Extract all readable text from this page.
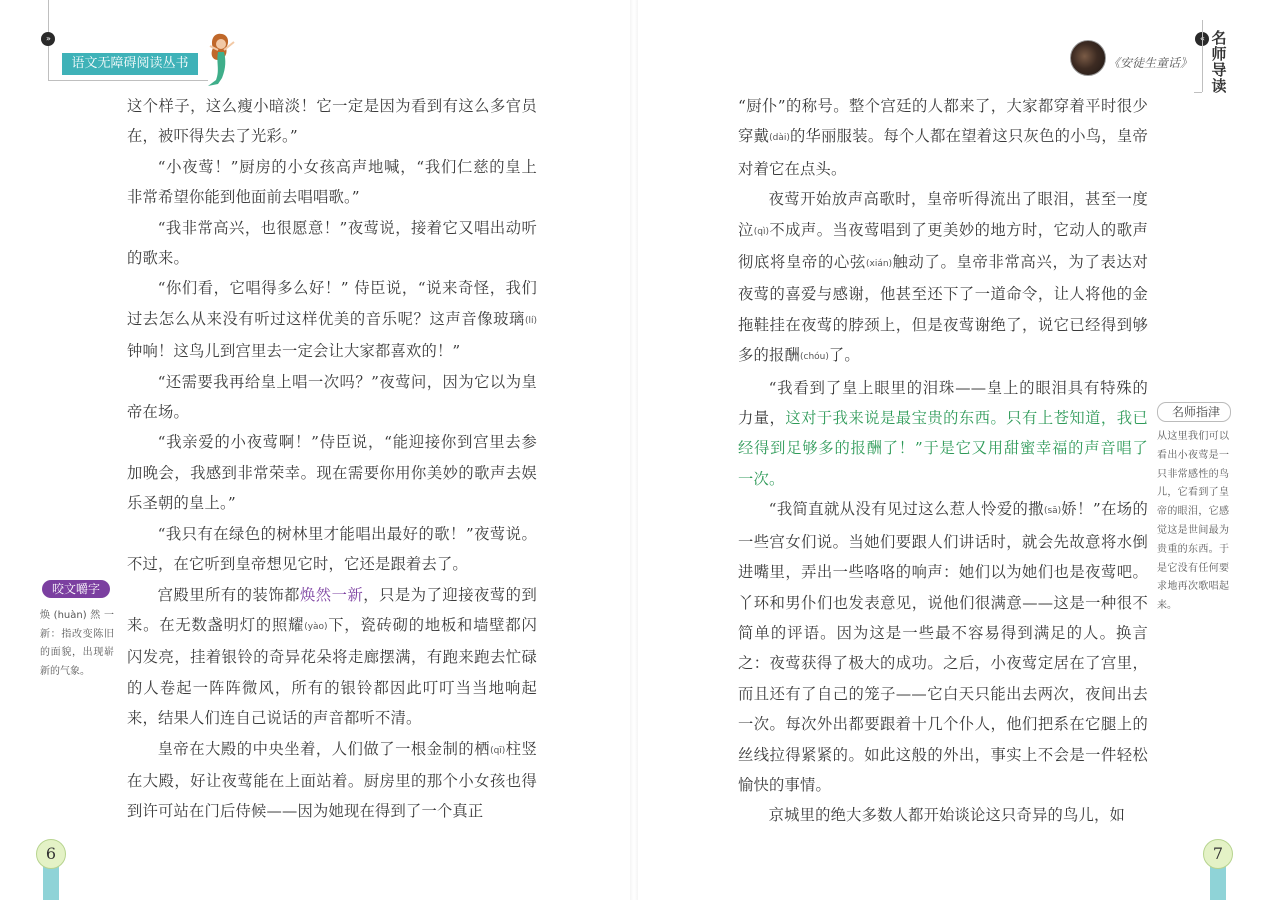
»
语文无障碍阅读丛书

这个样子，这么瘦小暗淡！它一定是因为看到有这么多官员在，被吓得失去了光彩。”

“小夜莺！”厨房的小女孩高声地喊，“我们仁慈的皇上非常希望你能到他面前去唱唱歌。”

“我非常高兴，也很愿意！”夜莺说，接着它又唱出动听的歌来。

“你们看，它唱得多么好！” 侍臣说，“说来奇怪，我们过去怎么从来没有听过这样优美的音乐呢？这声音像玻璃(lí)钟响！这鸟儿到宫里去一定会让大家都喜欢的！”

“还需要我再给皇上唱一次吗？”夜莺问，因为它以为皇帝在场。

“我亲爱的小夜莺啊！”侍臣说，“能迎接你到宫里去参加晚会，我感到非常荣幸。现在需要你用你美妙的歌声去娱乐圣朝的皇上。”

“我只有在绿色的树林里才能唱出最好的歌！”夜莺说。不过，在它听到皇帝想见它时，它还是跟着去了。

宫殿里所有的装饰都焕然一新，只是为了迎接夜莺的到来。在无数盏明灯的照耀(yào)下，瓷砖砌的地板和墙壁都闪闪发亮，挂着银铃的奇异花朵将走廊摆满，有跑来跑去忙碌的人卷起一阵阵微风，所有的银铃都因此叮叮当当地响起来，结果人们连自己说话的声音都听不清。

皇帝在大殿的中央坐着，人们做了一根金制的栖(qī)柱竖在大殿，好让夜莺能在上面站着。厨房里的那个小女孩也得到许可站在门后侍候——因为她现在得到了一个真正

咬文嚼字
焕(huàn)然一新：指改变陈旧的面貌，出现崭新的气象。
6
《安徒生童话》
名师导读

“厨仆”的称号。整个宫廷的人都来了，大家都穿着平时很少穿戴(dài)的华丽服装。每个人都在望着这只灰色的小鸟，皇帝对着它在点头。

夜莺开始放声高歌时，皇帝听得流出了眼泪，甚至一度泣(qì)不成声。当夜莺唱到了更美妙的地方时，它动人的歌声彻底将皇帝的心弦(xián)触动了。皇帝非常高兴，为了表达对夜莺的喜爱与感谢，他甚至还下了一道命令，让人将他的金拖鞋挂在夜莺的脖颈上，但是夜莺谢绝了，说它已经得到够多的报酬(chóu)了。

“我看到了皇上眼里的泪珠——皇上的眼泪具有特殊的力量，这对于我来说是最宝贵的东西。只有上苍知道，我已经得到足够多的报酬了！”于是它又用甜蜜幸福的声音唱了一次。

“我简直就从没有见过这么惹人怜爱的撒(sā)娇！”在场的一些宫女们说。当她们要跟人们讲话时，就会先故意将水倒进嘴里，弄出一些咯咯的响声：她们以为她们也是夜莺吧。丫环和男仆们也发表意见，说他们很满意——这是一种很不简单的评语。因为这是一些最不容易得到满足的人。换言之：夜莺获得了极大的成功。之后，小夜莺定居在了宫里，而且还有了自己的笼子——它白天只能出去两次，夜间出去一次。每次外出都要跟着十几个仆人，他们把系在它腿上的丝线拉得紧紧的。如此这般的外出，事实上不会是一件轻松愉快的事情。

京城里的绝大多数人都开始谈论这只奇异的鸟儿，如

名师指津
从这里我们可以看出小夜莺是一只非常感性的鸟儿，它看到了皇帝的眼泪，它感觉这是世间最为贵重的东西。于是它没有任何要求地再次歌唱起来。
7
